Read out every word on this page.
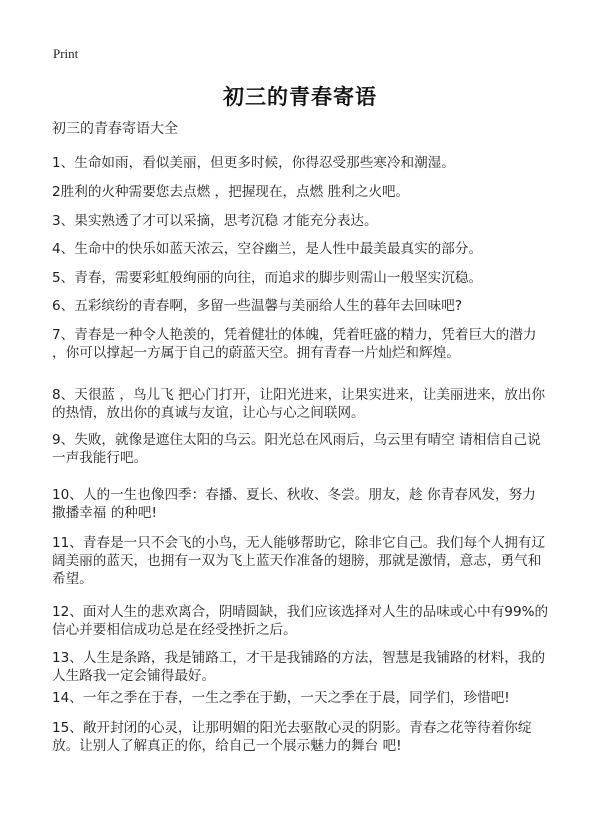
Print
初三的青春寄语
初三的青春寄语大全
1、生命如雨，看似美丽，但更多时候，你得忍受那些寒冷和潮湿。
2胜利的火种需要您去点燃 ，把握现在，点燃 胜利之火吧。
3、果实熟透了才可以采摘，思考沉稳 才能充分表达。
4、生命中的快乐如蓝天浓云，空谷幽兰，是人性中最美最真实的部分。
5、青春，需要彩虹般绚丽的向往，而追求的脚步则需山一般坚实沉稳。
6、五彩缤纷的青春啊，多留一些温馨与美丽给人生的暮年去回味吧?
7、青春是一种令人艳羡的，凭着健壮的体魄，凭着旺盛的精力，凭着巨大的潜力
，你可以撑起一方属于自己的蔚蓝天空。拥有青春一片灿烂和辉煌。
8、天很蓝 ，鸟儿飞 把心门打开，让阳光进来，让果实进来，让美丽进来，放出你
的热情，放出你的真诚与友谊，让心与心之间联网。
9、失败，就像是遮住太阳的乌云。阳光总在风雨后，乌云里有晴空 请相信自己说
一声我能行吧。
10、人的一生也像四季：春播、夏长、秋收、冬尝。朋友，趁 你青春风发，努力
撒播幸福 的种吧!
11、青春是一只不会飞的小鸟，无人能够帮助它，除非它自己。我们每个人拥有辽
阔美丽的蓝天，也拥有一双为飞上蓝天作准备的翅膀，那就是激情，意志，勇气和
希望。
12、面对人生的悲欢离合，阴晴圆缺，我们应该选择对人生的品味或心中有99%的
信心并要相信成功总是在经受挫折之后。
13、人生是条路，我是铺路工，才干是我铺路的方法，智慧是我铺路的材料，我的
人生路我一定会铺得最好。
14、一年之季在于春，一生之季在于勤，一天之季在于晨，同学们，珍惜吧!
15、敞开封闭的心灵，让那明媚的阳光去驱散心灵的阴影。青春之花等待着你绽
放。让别人了解真正的你，给自己一个展示魅力的舞台 吧!
